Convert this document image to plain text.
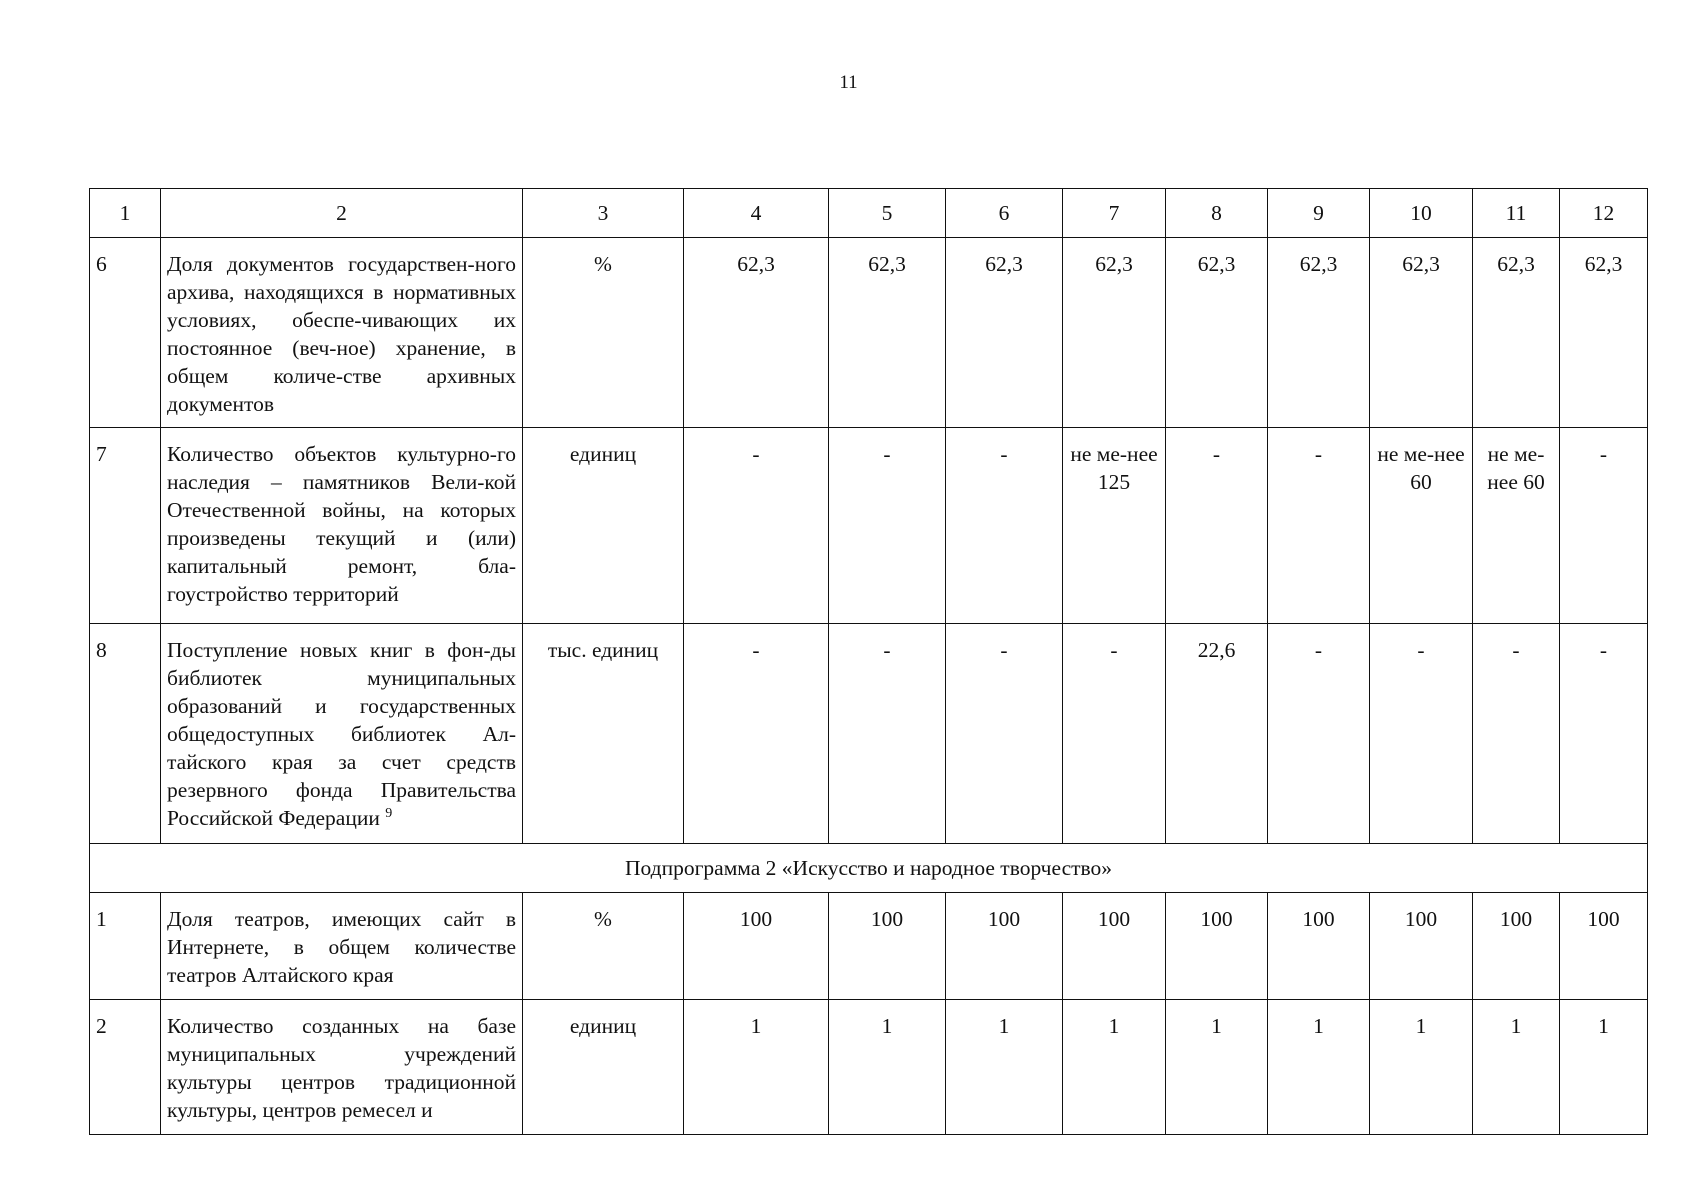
11
1	2	3	4	5	6	7	8	9	10	11	12
6	Доля документов государствен-ного архива, находящихся в нормативных условиях, обеспе-чивающих их постоянное (веч-ное) хранение, в общем количе-стве архивных документов	%	62,3	62,3	62,3	62,3	62,3	62,3	62,3	62,3	62,3
7	Количество объектов культурно-го наследия – памятников Вели-кой Отечественной войны, на которых произведены текущий и (или) капитальный ремонт, бла-гоустройство территорий	единиц	-	-	-	не ме-нее 125	-	-	не ме-нее 60	не ме-нее 60	-
8	Поступление новых книг в фон-ды библиотек муниципальных образований и государственных общедоступных библиотек Ал-тайского края за счет средств резервного фонда Правительства Российской Федерации $^9$	тыс. единиц	-	-	-	-	22,6	-	-	-	-
Подпрограмма 2 «Искусство и народное творчество»											
1	Доля театров, имеющих сайт в Интернете, в общем количестве театров Алтайского края	%	100	100	100	100	100	100	100	100	100
2	Количество созданных на базе муниципальных учреждений культуры центров традиционной культуры, центров ремесел и	единиц	1	1	1	1	1	1	1	1	1
